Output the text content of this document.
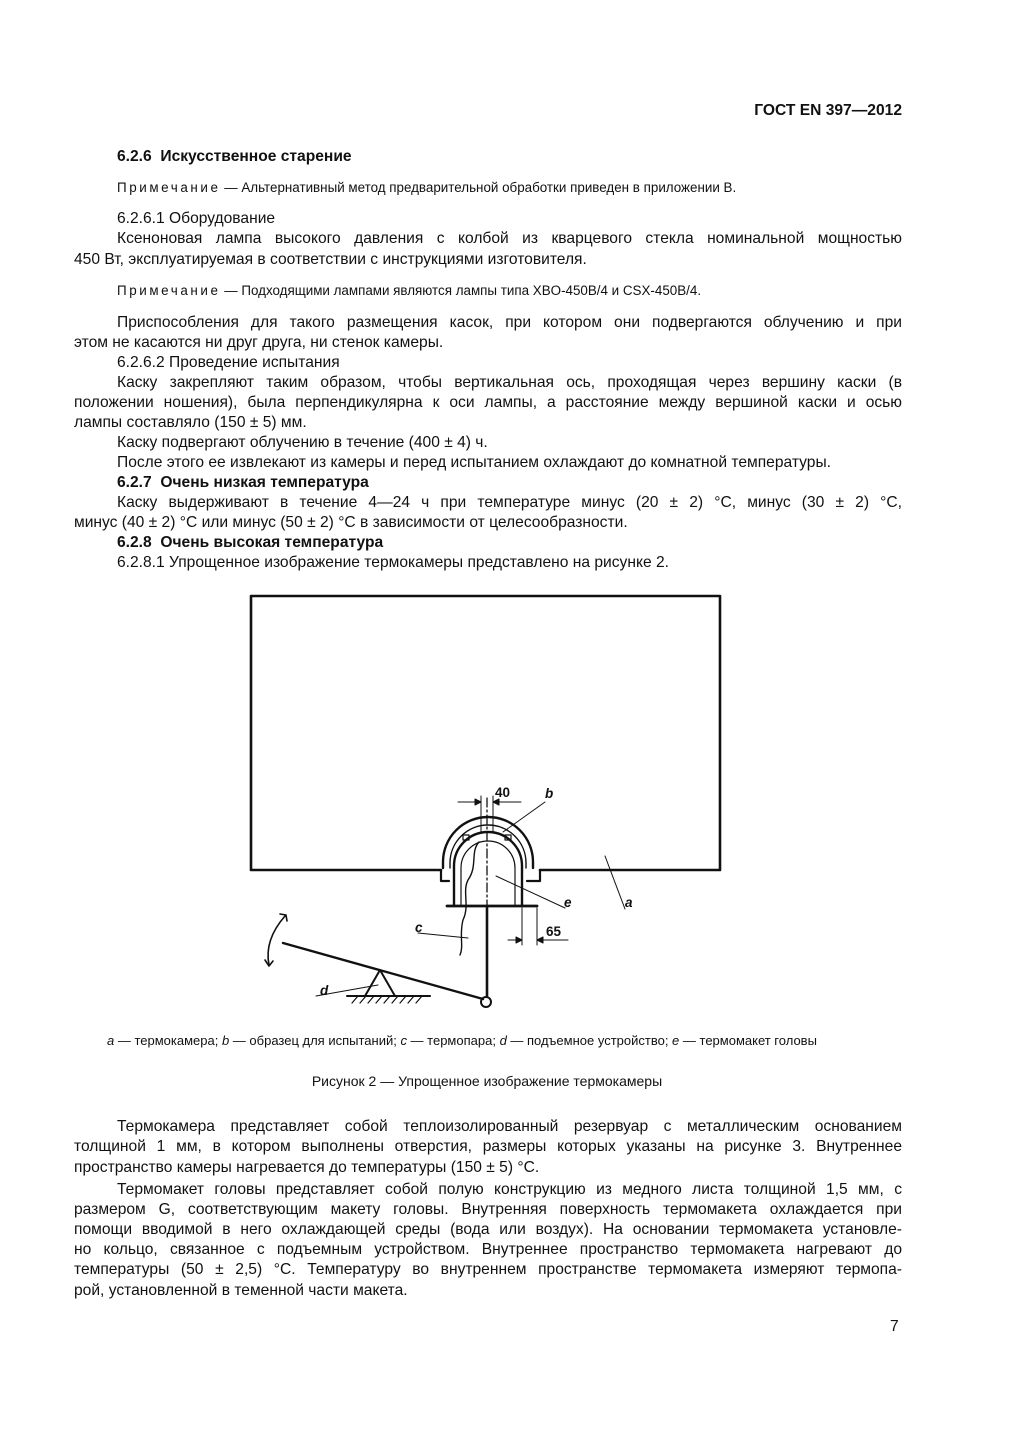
ГОСТ EN 397—2012
6.2.6 Искусственное старение
Примечание — Альтернативный метод предварительной обработки приведен в приложении B.
6.2.6.1 Оборудование
Ксеноновая лампа высокого давления с колбой из кварцевого стекла номинальной мощностью
450 Вт, эксплуатируемая в соответствии с инструкциями изготовителя.
Примечание — Подходящими лампами являются лампы типа XBO-450B/4 и CSX-450B/4.
Приспособления для такого размещения касок, при котором они подвергаются облучению и при
этом не касаются ни друг друга, ни стенок камеры.
6.2.6.2 Проведение испытания
Каску закрепляют таким образом, чтобы вертикальная ось, проходящая через вершину каски (в
положении ношения), была перпендикулярна к оси лампы, а расстояние между вершиной каски и осью
лампы составляло (150 ± 5) мм.
Каску подвергают облучению в течение (400 ± 4) ч.
После этого ее извлекают из камеры и перед испытанием охлаждают до комнатной температуры.
6.2.7 Очень низкая температура
Каску выдерживают в течение 4—24 ч при температуре минус (20 ± 2) °C, минус (30 ± 2) °C,
минус (40 ± 2) °C или минус (50 ± 2) °C в зависимости от целесообразности.
6.2.8 Очень высокая температура
6.2.8.1 Упрощенное изображение термокамеры представлено на рисунке 2.
40
65
b
a
e
c
d
a — термокамера; b — образец для испытаний; c — термопара; d — подъемное устройство; e — термомакет головы
Рисунок 2 — Упрощенное изображение термокамеры
Термокамера представляет собой теплоизолированный резервуар с металлическим основанием
толщиной 1 мм, в котором выполнены отверстия, размеры которых указаны на рисунке 3. Внутреннее
пространство камеры нагревается до температуры (150 ± 5) °C.
Термомакет головы представляет собой полую конструкцию из медного листа толщиной 1,5 мм, с
размером G, соответствующим макету головы. Внутренняя поверхность термомакета охлаждается при
помощи вводимой в него охлаждающей среды (вода или воздух). На основании термомакета установле-
но кольцо, связанное с подъемным устройством. Внутреннее пространство термомакета нагревают до
температуры (50 ± 2,5) °C. Температуру во внутреннем пространстве термомакета измеряют термопа-
рой, установленной в теменной части макета.
7
